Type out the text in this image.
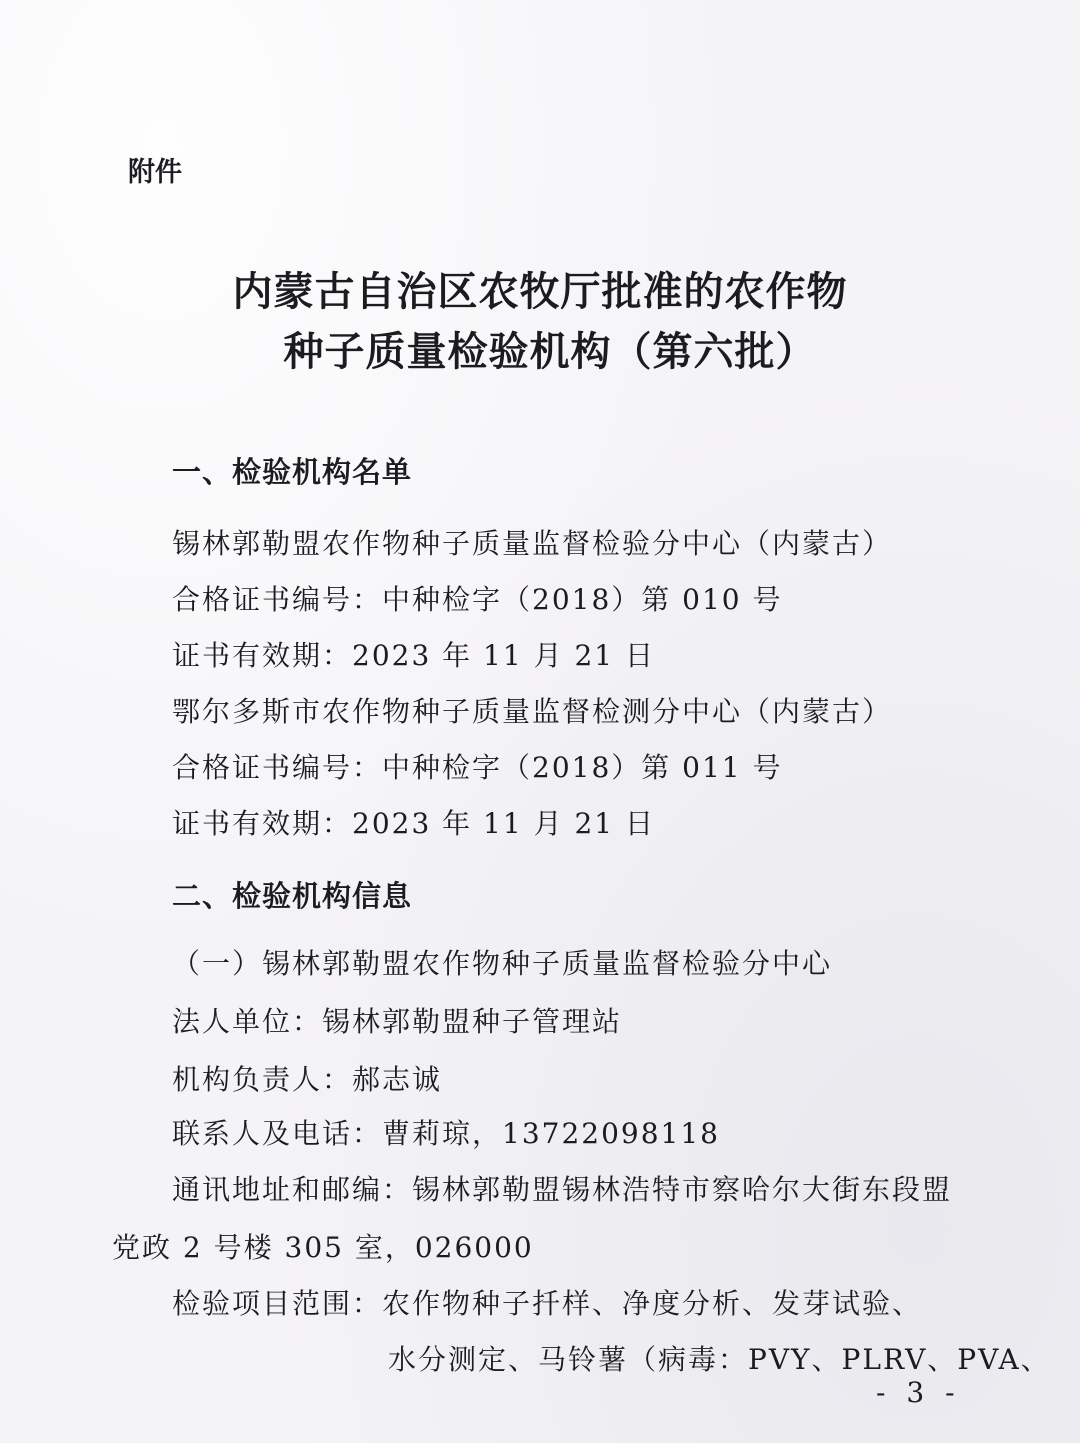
附件
内蒙古自治区农牧厅批准的农作物
种子质量检验机构（第六批）
一、检验机构名单
锡林郭勒盟农作物种子质量监督检验分中心（内蒙古）
合格证书编号：中种检字（2018）第 010 号
证书有效期：2023 年 11 月 21 日
鄂尔多斯市农作物种子质量监督检测分中心（内蒙古）
合格证书编号：中种检字（2018）第 011 号
证书有效期：2023 年 11 月 21 日
二、检验机构信息
（一）锡林郭勒盟农作物种子质量监督检验分中心
法人单位：锡林郭勒盟种子管理站
机构负责人：郝志诚
联系人及电话：曹莉琼，13722098118
通讯地址和邮编：锡林郭勒盟锡林浩特市察哈尔大街东段盟
党政 2 号楼 305 室，026000
检验项目范围：农作物种子扦样、净度分析、发芽试验、
水分测定、马铃薯（病毒：PVY、PLRV、PVA、
- 3 -
